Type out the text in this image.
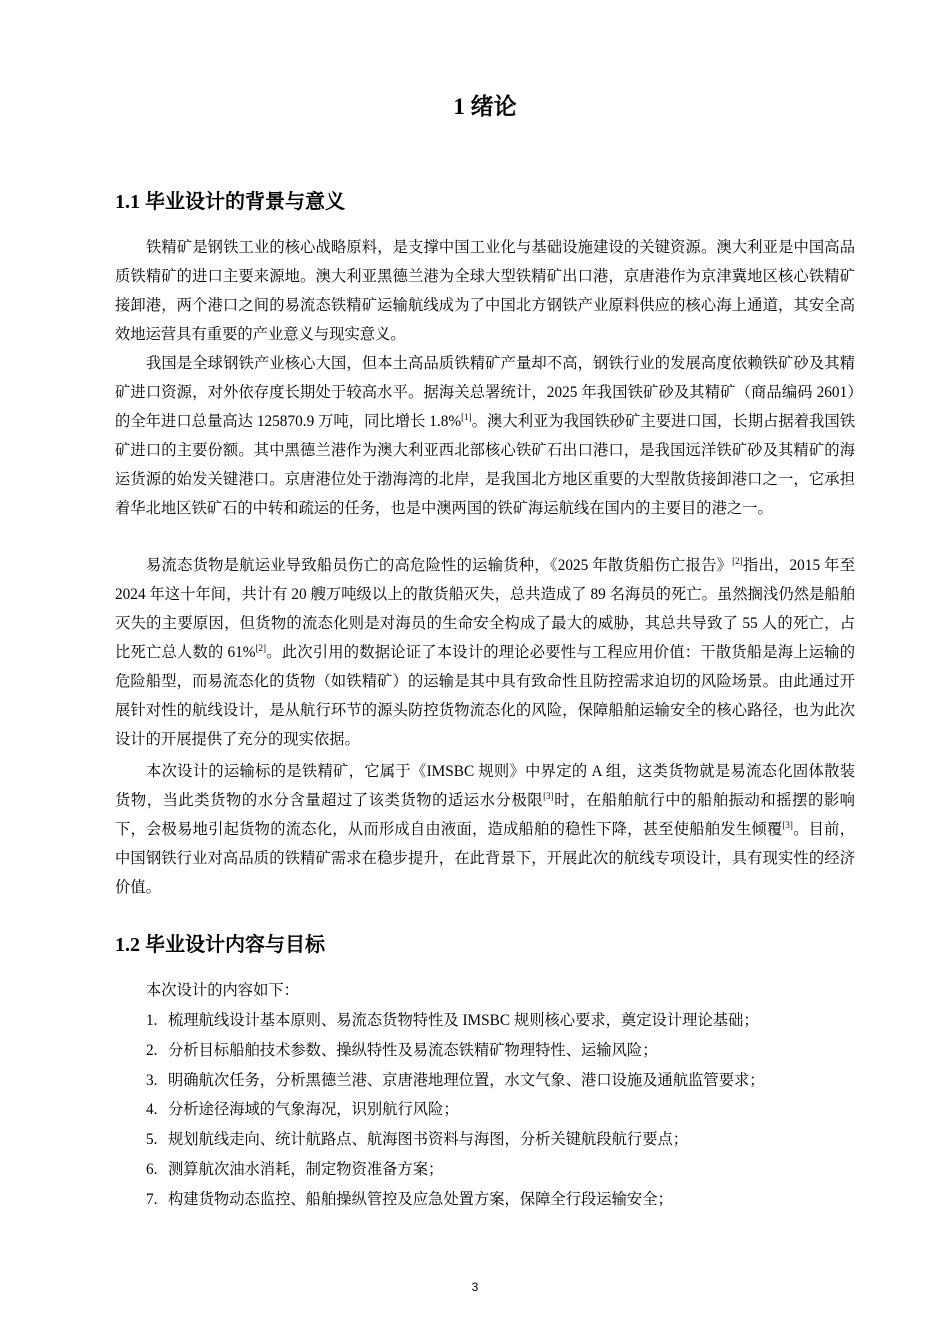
1 绪论
1.1 毕业设计的背景与意义

铁精矿是钢铁工业的核心战略原料，是支撑中国工业化与基础设施建设的关键资源。澳大利亚是中国高品质铁精矿的进口主要来源地。澳大利亚黑德兰港为全球大型铁精矿出口港，京唐港作为京津冀地区核心铁精矿接卸港，两个港口之间的易流态铁精矿运输航线成为了中国北方钢铁产业原料供应的核心海上通道，其安全高效地运营具有重要的产业意义与现实意义。

我国是全球钢铁产业核心大国，但本土高品质铁精矿产量却不高，钢铁行业的发展高度依赖铁矿砂及其精矿进口资源，对外依存度长期处于较高水平。据海关总署统计，2025 年我国铁矿砂及其精矿（商品编码 2601）的全年进口总量高达 125870.9 万吨，同比增长 1.8%[1]。澳大利亚为我国铁砂矿主要进口国，长期占据着我国铁矿进口的主要份额。其中黑德兰港作为澳大利亚西北部核心铁矿石出口港口，是我国远洋铁矿砂及其精矿的海运货源的始发关键港口。京唐港位处于渤海湾的北岸，是我国北方地区重要的大型散货接卸港口之一，它承担着华北地区铁矿石的中转和疏运的任务，也是中澳两国的铁矿海运航线在国内的主要目的港之一。

易流态货物是航运业导致船员伤亡的高危险性的运输货种，《2025 年散货船伤亡报告》[2]指出，2015 年至 2024 年这十年间，共计有 20 艘万吨级以上的散货船灭失，总共造成了 89 名海员的死亡。虽然搁浅仍然是船舶灭失的主要原因，但货物的流态化则是对海员的生命安全构成了最大的威胁，其总共导致了 55 人的死亡，占比死亡总人数的 61%[2]。此次引用的数据论证了本设计的理论必要性与工程应用价值：干散货船是海上运输的危险船型，而易流态化的货物（如铁精矿）的运输是其中具有致命性且防控需求迫切的风险场景。由此通过开展针对性的航线设计，是从航行环节的源头防控货物流态化的风险，保障船舶运输安全的核心路径，也为此次设计的开展提供了充分的现实依据。

本次设计的运输标的是铁精矿，它属于《IMSBC 规则》中界定的 A 组，这类货物就是易流态化固体散装货物，当此类货物的水分含量超过了该类货物的适运水分极限[3]时，在船舶航行中的船舶振动和摇摆的影响下，会极易地引起货物的流态化，从而形成自由液面，造成船舶的稳性下降，甚至使船舶发生倾覆[3]。目前，中国钢铁行业对高品质的铁精矿需求在稳步提升，在此背景下，开展此次的航线专项设计，具有现实性的经济价值。

1.2 毕业设计内容与目标
本次设计的内容如下：
1. 梳理航线设计基本原则、易流态货物特性及 IMSBC 规则核心要求，奠定设计理论基础；
2. 分析目标船舶技术参数、操纵特性及易流态铁精矿物理特性、运输风险；
3. 明确航次任务，分析黑德兰港、京唐港地理位置，水文气象、港口设施及通航监管要求；
4. 分析途径海域的气象海况，识别航行风险；
5. 规划航线走向、统计航路点、航海图书资料与海图，分析关键航段航行要点；
6. 测算航次油水消耗，制定物资准备方案；
7. 构建货物动态监控、船舶操纵管控及应急处置方案，保障全行段运输安全；
3
